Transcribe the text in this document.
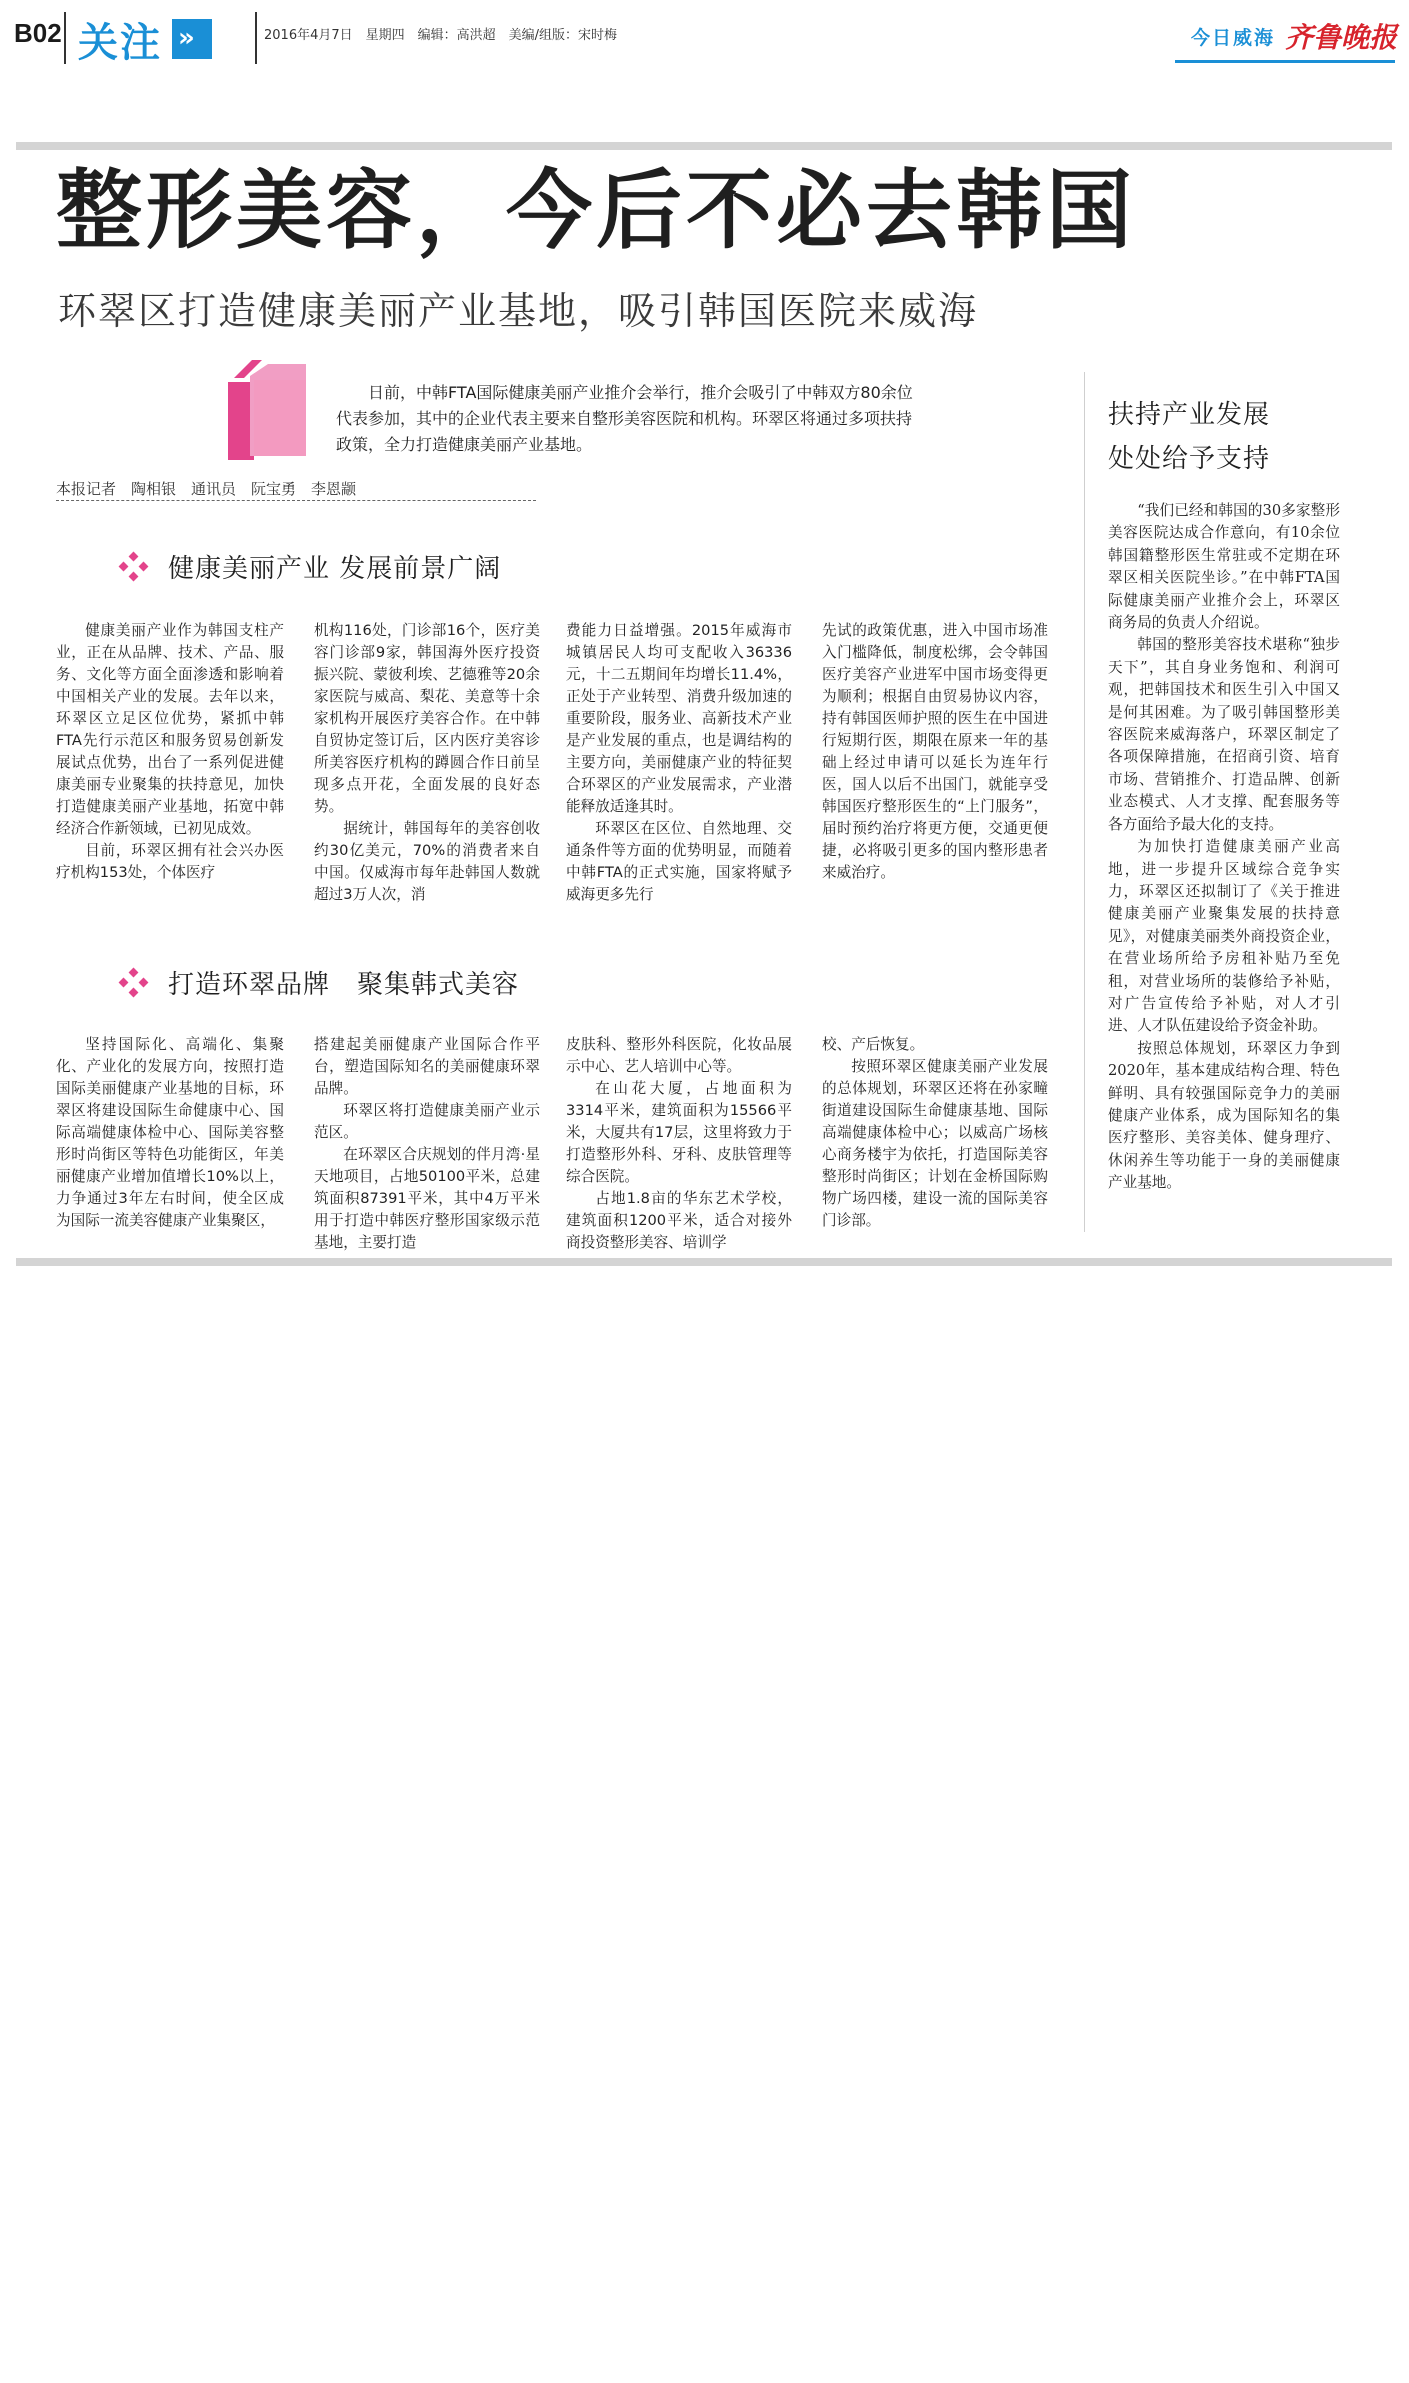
B02 关注 »	2016年4月7日　星期四　编辑：高洪超　美编/组版：宋时梅	今日威海 齐鲁晚报
整形美容，今后不必去韩国
环翠区打造健康美丽产业基地，吸引韩国医院来威海
日前，中韩FTA国际健康美丽产业推介会举行，推介会吸引了中韩双方80余位代表参加，其中的企业代表主要来自整形美容医院和机构。环翠区将通过多项扶持政策，全力打造健康美丽产业基地。
本报记者　陶相银　通讯员　阮宝勇　李恩颛
健康美丽产业 发展前景广阔

健康美丽产业作为韩国支柱产业，正在从品牌、技术、产品、服务、文化等方面全面渗透和影响着中国相关产业的发展。去年以来，环翠区立足区位优势，紧抓中韩FTA先行示范区和服务贸易创新发展试点优势，出台了一系列促进健康美丽专业聚集的扶持意见，加快打造健康美丽产业基地，拓宽中韩经济合作新领域，已初见成效。

目前，环翠区拥有社会兴办医疗机构153处，个体医疗

机构116处，门诊部16个，医疗美容门诊部9家，韩国海外医疗投资振兴院、蒙彼利埃、艺德雅等20余家医院与威高、梨花、美意等十余家机构开展医疗美容合作。在中韩自贸协定签订后，区内医疗美容诊所美容医疗机构的蹲圆合作日前呈现多点开花，全面发展的良好态势。

据统计，韩国每年的美容创收约30亿美元，70%的消费者来自中国。仅威海市每年赴韩国人数就超过3万人次，消

费能力日益增强。2015年威海市城镇居民人均可支配收入36336元，十二五期间年均增长11.4%，正处于产业转型、消费升级加速的重要阶段，服务业、高新技术产业是产业发展的重点，也是调结构的主要方向，美丽健康产业的特征契合环翠区的产业发展需求，产业潜能释放适逢其时。

环翠区在区位、自然地理、交通条件等方面的优势明显，而随着中韩FTA的正式实施，国家将赋予威海更多先行

先试的政策优惠，进入中国市场准入门槛降低，制度松绑，会令韩国医疗美容产业进军中国市场变得更为顺利；根据自由贸易协议内容，持有韩国医师护照的医生在中国进行短期行医，期限在原来一年的基础上经过申请可以延长为连年行医，国人以后不出国门，就能享受韩国医疗整形医生的“上门服务”，届时预约治疗将更方便，交通更便捷，必将吸引更多的国内整形患者来威治疗。

打造环翠品牌　聚集韩式美容

坚持国际化、高端化、集聚化、产业化的发展方向，按照打造国际美丽健康产业基地的目标，环翠区将建设国际生命健康中心、国际高端健康体检中心、国际美容整形时尚街区等特色功能街区，年美丽健康产业增加值增长10%以上，力争通过3年左右时间，使全区成为国际一流美容健康产业集聚区，

搭建起美丽健康产业国际合作平台，塑造国际知名的美丽健康环翠品牌。

环翠区将打造健康美丽产业示范区。

在环翠区合庆规划的伴月湾·星天地项目，占地50100平米，总建筑面积87391平米，其中4万平米用于打造中韩医疗整形国家级示范基地，主要打造

皮肤科、整形外科医院，化妆品展示中心、艺人培训中心等。

在山花大厦，占地面积为3314平米，建筑面积为15566平米，大厦共有17层，这里将致力于打造整形外科、牙科、皮肤管理等综合医院。

占地1.8亩的华东艺术学校，建筑面积1200平米，适合对接外商投资整形美容、培训学

校、产后恢复。

按照环翠区健康美丽产业发展的总体规划，环翠区还将在孙家疃街道建设国际生命健康基地、国际高端健康体检中心；以威高广场核心商务楼宇为依托，打造国际美容整形时尚街区；计划在金桥国际购物广场四楼，建设一流的国际美容门诊部。

扶持产业发展
处处给予支持

“我们已经和韩国的30多家整形美容医院达成合作意向，有10余位韩国籍整形医生常驻或不定期在环翠区相关医院坐诊。”在中韩FTA国际健康美丽产业推介会上，环翠区商务局的负责人介绍说。

韩国的整形美容技术堪称“独步天下”，其自身业务饱和、利润可观，把韩国技术和医生引入中国又是何其困难。为了吸引韩国整形美容医院来威海落户，环翠区制定了各项保障措施，在招商引资、培育市场、营销推介、打造品牌、创新业态模式、人才支撑、配套服务等各方面给予最大化的支持。

为加快打造健康美丽产业高地，进一步提升区域综合竞争实力，环翠区还拟制订了《关于推进健康美丽产业聚集发展的扶持意见》，对健康美丽类外商投资企业，在营业场所给予房租补贴乃至免租，对营业场所的装修给予补贴，对广告宣传给予补贴，对人才引进、人才队伍建设给予资金补助。

按照总体规划，环翠区力争到2020年，基本建成结构合理、特色鲜明、具有较强国际竞争力的美丽健康产业体系，成为国际知名的集医疗整形、美容美体、健身理疗、休闲养生等功能于一身的美丽健康产业基地。
